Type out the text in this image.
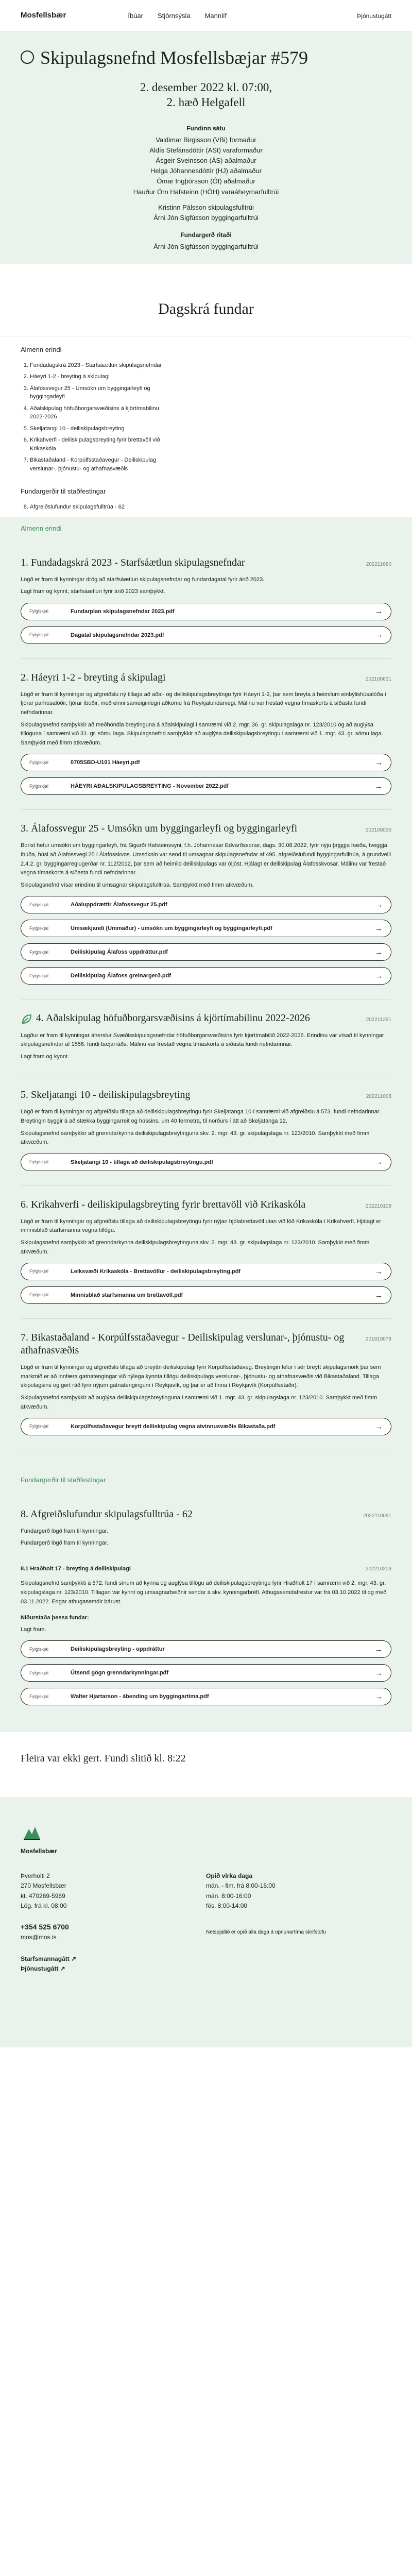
Mosfellsbær	Íbúar Stjórnsýsla Mannlíf	Þjónustugátt
Skipulagsnefnd Mosfellsbæjar #579
2. desember 2022 kl. 07:00,
2. hæð Helgafell
Fundinn sátu
Valdimar Birgisson (VBi) formaður
Aldís Stefánsdóttir (ASt) varaformaður
Ásgeir Sveinsson (ÁS) aðalmaður
Helga Jóhannesdóttir (HJ) aðalmaður
Ómar Ingþórsson (ÓI) aðalmaður
Hauður Örn Hafsteinn (HÖH) varaáheyrnarfulltrúi
Kristinn Pálsson skipulagsfulltrúi
Árni Jón Sigfússon byggingarfulltrúi
Fundargerð ritaði
Árni Jón Sigfússon byggingarfulltrúi
Dagskrá fundar
Almenn erindi
1. Fundadagskrá 2023 - Starfsáætlun skipulagsnefndar
2. Háeyri 1-2 - breyting á skipulagi
3. Álafossvegur 25 - Umsókn um byggingarleyfi og byggingarleyfi
4. Aðalskipulag höfuðborgarsvæðisins á kjörtímabilinu 2022-2026
5. Skeljatangi 10 - deiliskipulagsbreyting
6. Krikahverfi - deiliskipulagsbreyting fyrir brettavöll við Krikaskóla
7. Bikastaðaland - Korpúlfsstaðavegur - Deiliskipulag verslunar-, þjónustu- og athafnasvæðis
Fundargerðir til staðfestingar
8. Afgreiðslufundur skipulagsfulltrúa - 62
Almenn erindi
1. Fundadagskrá 2023 - Starfsáætlun skipulagsnefndar	202211680

Lögð er fram til kynningar drög að starfsáætlun skipulagsnefndar og fundardagatal fyrir árið 2023.

Lagt fram og kynnt, starfsáætlun fyrir árið 2023 samþykkt.

Fylgiskjal	Fundarplan skipulagsnefndar 2023.pdf	→
Fylgiskjal	Dagatal skipulagsnefndar 2023.pdf	→
2. Háeyri 1-2 - breyting á skipulagi	202108631

Lögð er fram til kynningar og afgreiðslu ný tillaga að aðal- og deiliskipulagsbreytingu fyrir Háeyri 1-2, þar sem breyta á heimilum einbýlishúsalóða í fjórar parhúsalóðir, fjórar íbúðir, með einni sameiginlegri aðkomu frá Reykjalundarvegi. Málinu var frestað vegna tímaskorts á síðasta fundi nefndarinnar.

Skipulagsnefnd samþykkir að meðhöndla breytinguna á aðalskipulagi í samræmi við 2. mgr. 36. gr. skipulagslaga nr. 123/2010 og að auglýsa tillöguna í samræmi við 31. gr. sömu laga. Skipulagsnefnd samþykkir að auglýsa deiliskipulagsbreytingu í samræmi við 1. mgr. 43. gr. sömu laga. Samþykkt með fimm atkvæðum.

Fylgiskjal	0705SBD-U101 Háeyri.pdf	→
Fylgiskjal	HÁEYRI AÐALSKIPULAGSBREYTING - November 2022.pdf	→
3. Álafossvegur 25 - Umsókn um byggingarleyfi og byggingarleyfi	202108030

Borist hefur umsókn um byggingarleyfi, frá Sigurði Hafsteinssyni, f.h. Jóhannesar Edvarðssonar, dags. 30.08.2022, fyrir nýju þrjggja hæða, tveggja íbúða, húsi að Álafossvegi 25 í Álafosskvos. Umsóknin var send til umsagnar skipulagsnefndar af 495. afgreiðslufundi byggingarfulltrúa, á grundvelli 2.4.2. gr. byggingarreglugerðar nr. 112/2012, þar sem að heimild deiliskipulags var óljóst. Hjálagt er deiliskipulag Álafosskvosar. Málinu var frestað vegna tímaskorts á síðasta fundi nefndarinnar.

Skipulagsnefnd vísar erindinu til umsagnar skipulagsfulltrúa. Samþykkt með fimm atkvæðum.

Fylgiskjal	Aðaluppdrættir Álafossvegur 25.pdf	→
Fylgiskjal	Umsækjandi (Ummaður) - umsókn um byggingarleyfi og byggingarleyfi.pdf	→
Fylgiskjal	Deiliskipulag Álafoss uppdráttur.pdf	→
Fylgiskjal	Deiliskipulag Álafoss greinargerð.pdf	→
4. Aðalskipulag höfuðborgarsvæðisins á kjörtímabilinu 2022-2026	202211291

Lagður er fram til kynningar áherslur Svæðisskipulagsnefndar höfuðborgarsvæðisins fyrir kjörtímabilið 2022-2026. Erindinu var vísað til kynningar skipulagsnefndar af 1556. fundi bæjarráðs. Málinu var frestað vegna tímaskorts á síðasta fundi nefndarinnar.

Lagt fram og kynnt.

5. Skeljatangi 10 - deiliskipulagsbreyting	202211008

Lögð er fram til kynningar og afgreiðslu tillaga að deiliskipulagsbreytingu fyrir Skeljatanga 10 í samræmi við afgreiðslu á 573. fundi nefndarinnar. Breytingin byggir á að stækka byggingarreit og hússins, um 40 fermetra, til norðurs í átt að Skeljatanga 12.

Skipulagsnefnd samþykkir að grenndarkynna deiliskipulagsbreytinguna skv. 2. mgr. 43. gr. skipulagslaga nr. 123/2010. Samþykkt með fimm atkvæðum.

Fylgiskjal	Skeljatangi 10 - tillaga að deiliskipulagsbreytingu.pdf	→
6. Krikahverfi - deiliskipulagsbreyting fyrir brettavöll við Krikaskóla	202210108

Lögð er fram til kynningar og afgreiðslu tillaga að deiliskipulagsbreytingu fyrir nýjan hjólabrettavöll utan við lóð Krikaskóla í Krikahverfi. Hjálagt er minnisblað starfsmanna vegna tillögu.

Skipulagsnefnd samþykkir að grenndarkynna deiliskipulagsbreytinguna skv. 2. mgr. 43. gr. skipulagslaga nr. 123/2010. Samþykkt með fimm atkvæðum.

Fylgiskjal	Leiksvæði Krikaskóla - Brettavöllur - deiliskipulagsbreyting.pdf	→
Fylgiskjal	Minnisblað starfsmanna um brettavöll.pdf	→
7. Bikastaðaland - Korpúlfsstaðavegur - Deiliskipulag verslunar-, þjónustu- og athafnasvæðis
201910079

Lögð er fram til kynningar og afgreiðslu tillaga að breyttri deiliskipulagi fyrir Korpúlfsstaðaveg. Breytingin felur í sér breytt skipulagsmörk þar sem markmið er að innfæra gatnatengingar við nýlega kynnta tillögu deiliskipulags verslunar-, þjónustu- og athafnasvæðis við Bikastaðaland. Tillaga skipulagsins og gert ráð fyrir nýjum gatnatengingum í Reykjavík, og þar er að finna í Reykjavík (Korpúlfsstaðir).

Skipulagsnefnd samþykkir að auglýsa deiliskipulagsbreytinguna í samræmi við 1. mgr. 43. gr. skipulagslaga nr. 123/2010. Samþykkt með fimm atkvæðum.

Fylgiskjal	Korpúlfsstaðavegur breytt deiliskipulag vegna atvinnusvæðis Bikastaða.pdf	→
Fundargerðir til staðfestingar
8. Afgreiðslufundur skipulagsfulltrúa - 62	2022110091

Fundargerð lögð fram til kynningar.

Fundargerð lögð fram til kynningar.

8.1 Hraðholt 17 - breyting á deiliskipulagi	202210209

Skipulagsnefnd samþykkti á 572. fundi sínum að kynna og auglýsa tillögu að deiliskipulagsbreytingu fyrir Hraðholt 17 í samræmi við 2. mgr. 43. gr. skipulagslaga nr. 123/2010. Tillagan var kynnt og umsagnarbeiðnir sendar á skv. kynningarbréfi. Athugasemdafrestur var frá 03.10.2022 til og með 03.11.2022. Engar athugasemdir bárust.

Niðurstaða þessa fundar:

Lagt fram.

Fylgiskjal	Deiliskipulagsbreyting - uppdráttur	→
Fylgiskjal	Útsend gögn grenndarkynningar.pdf	→
Fylgiskjal	Walter Hjartarson - ábending um byggingartíma.pdf	→
Fleira var ekki gert. Fundi slitið kl. 8:22
Mosfellsbær
Þverholti 2
270 Mosfellsbær
kt. 470269-5969
Lög. frá kl. 08:00
+354 525 6700
mos@mos.is
Starfsmannagátt ↗
Þjónustugátt ↗
Opið virka daga
mán. - fim. frá 8:00-16:00
mán. 8:00-16:00
fös. 8:00-14:00
Netspjallið er opið alla daga á opnunartíma skrifstofu
